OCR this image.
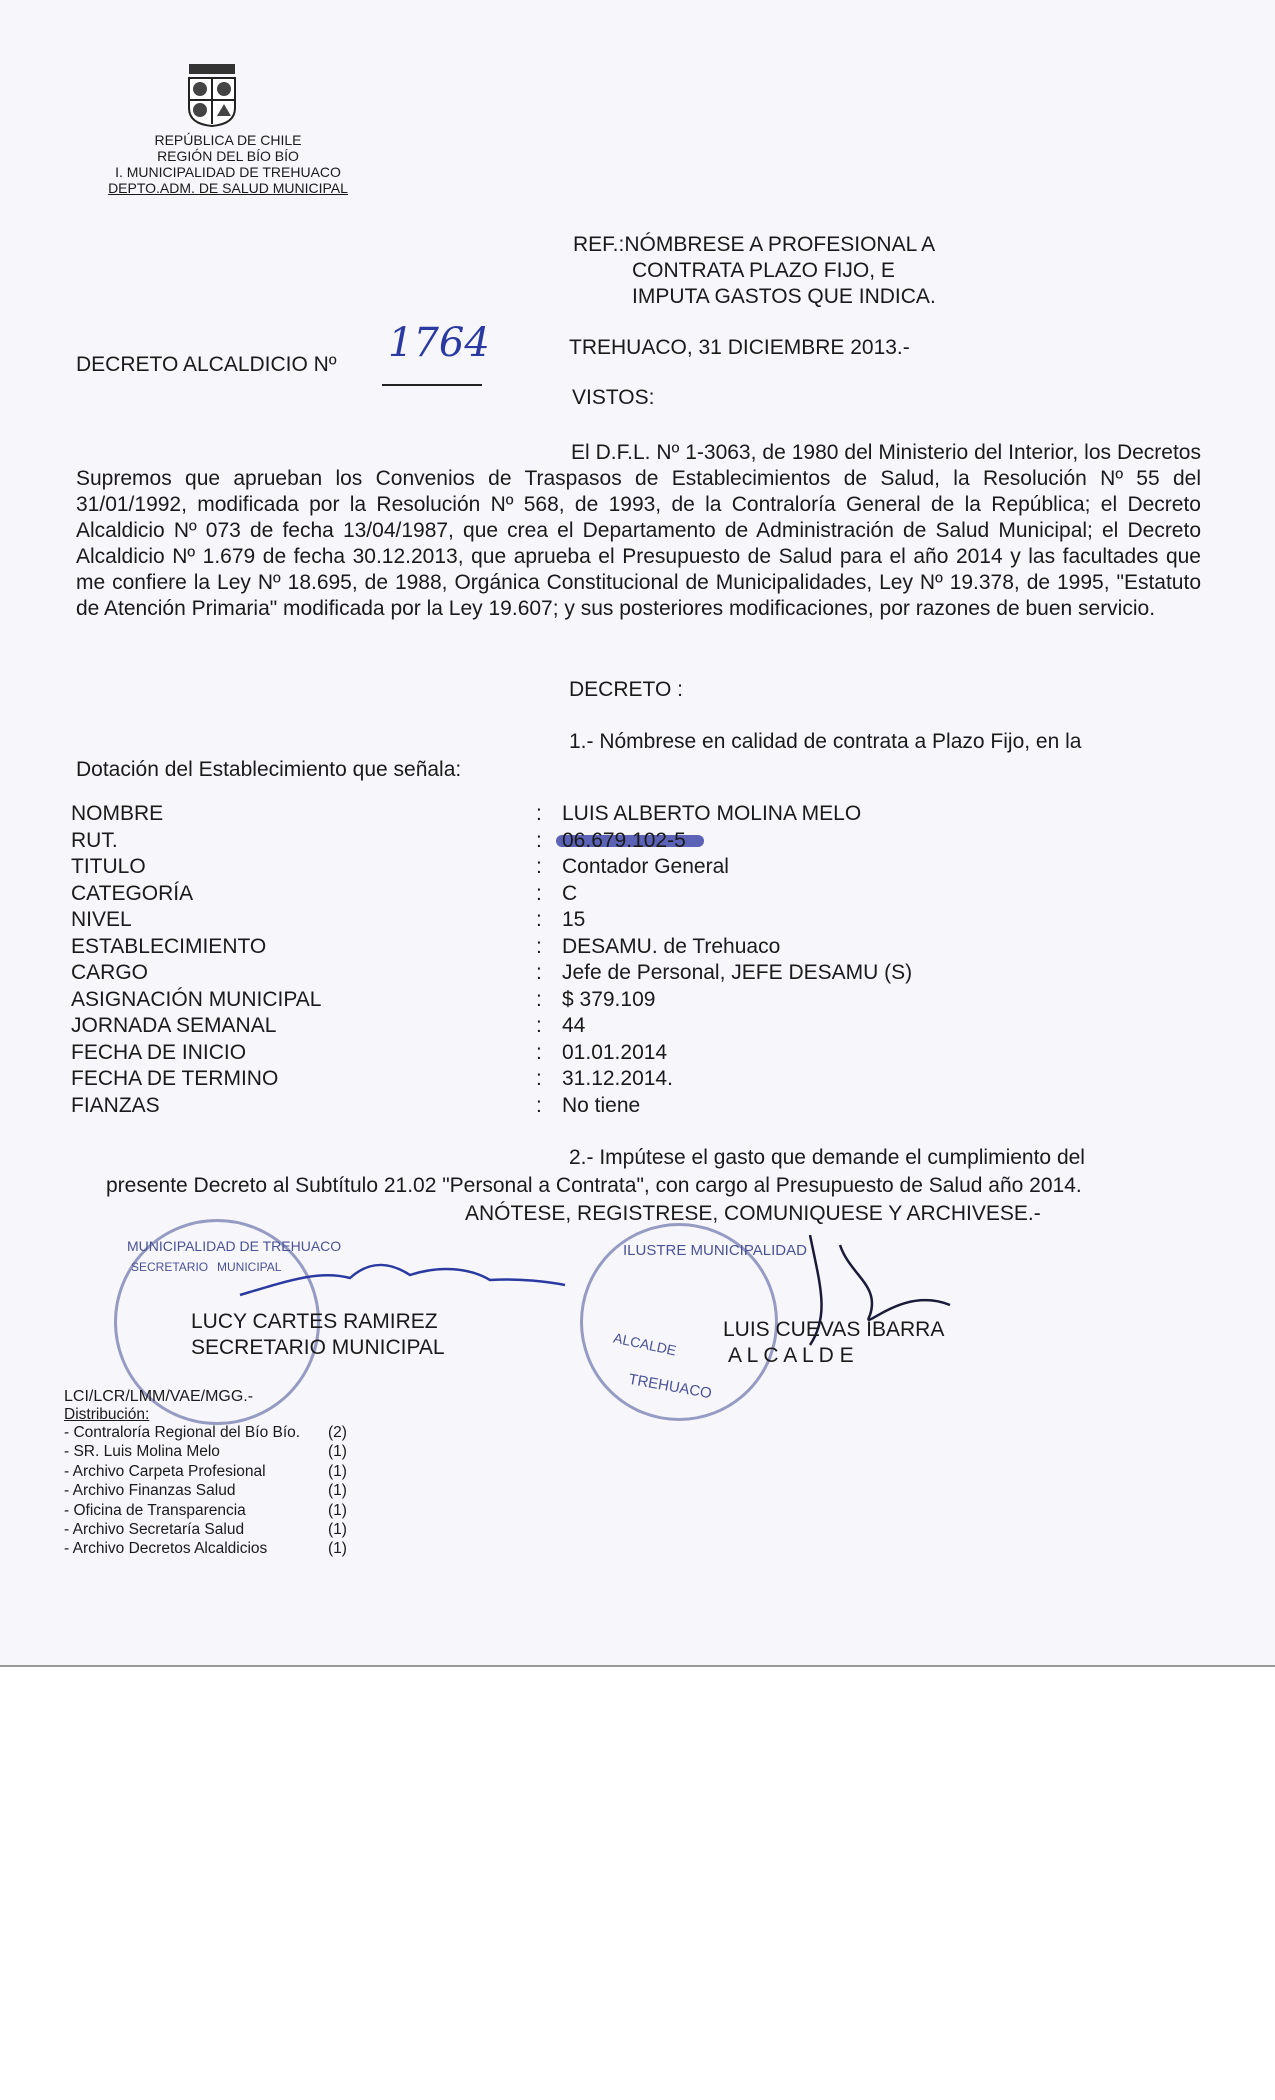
REPÚBLICA DE CHILE
REGIÓN DEL BÍO BÍO
I. MUNICIPALIDAD DE TREHUACO
DEPTO.ADM. DE SALUD MUNICIPAL
REF.:NÓMBRESE A PROFESIONAL A
CONTRATA PLAZO FIJO, E
IMPUTA GASTOS QUE INDICA.
DECRETO ALCALDICIO Nº 1764	TREHUACO, 31 DICIEMBRE 2013.-
VISTOS:
El D.F.L. Nº 1-3063, de 1980 del Ministerio del Interior, los Decretos Supremos que aprueban los Convenios de Traspasos de Establecimientos de Salud, la Resolución Nº 55 del 31/01/1992, modificada por la Resolución Nº 568, de 1993, de la Contraloría General de la República; el Decreto Alcaldicio Nº 073 de fecha 13/04/1987, que crea el Departamento de Administración de Salud Municipal; el Decreto Alcaldicio Nº 1.679 de fecha 30.12.2013, que aprueba el Presupuesto de Salud para el año 2014 y las facultades que me confiere la Ley Nº 18.695, de 1988, Orgánica Constitucional de Municipalidades, Ley Nº 19.378, de 1995, "Estatuto de Atención Primaria" modificada por la Ley 19.607; y sus posteriores modificaciones, por razones de buen servicio.
DECRETO :
1.- Nómbrese en calidad de contrata a Plazo Fijo, en la
Dotación del Establecimiento que señala:
NOMBRE	: LUIS ALBERTO MOLINA MELO
RUT.	: 06.679.102-5
TITULO	: Contador General
CATEGORÍA	: C
NIVEL	: 15
ESTABLECIMIENTO	: DESAMU. de Trehuaco
CARGO	: Jefe de Personal, JEFE DESAMU (S)
ASIGNACIÓN MUNICIPAL	: $ 379.109
JORNADA SEMANAL	: 44
FECHA DE INICIO	: 01.01.2014
FECHA DE TERMINO	: 31.12.2014.
FIANZAS	: No tiene
2.- Impútese el gasto que demande el cumplimiento del
presente Decreto al Subtítulo 21.02 "Personal a Contrata", con cargo al Presupuesto de Salud año 2014.
ANÓTESE, REGISTRESE, COMUNIQUESE Y ARCHIVESE.-
MUNICIPALIDAD DE TREHUACO
SECRETARIO MUNICIPAL
ILUSTRE MUNICIPALIDAD
ALCALDE
TREHUACO
LUCY CARTES RAMIREZ
SECRETARIO MUNICIPAL
LUIS CUEVAS IBARRA
A L C A L D E
LCI/LCR/LMM/VAE/MGG.-
Distribución:
- Contraloría Regional del Bío Bío. (2)
- SR. Luis Molina Melo	(1)
- Archivo Carpeta Profesional	(1)
- Archivo Finanzas Salud	(1)
- Oficina de Transparencia	(1)
- Archivo Secretaría Salud	(1)
- Archivo Decretos Alcaldicios	(1)
